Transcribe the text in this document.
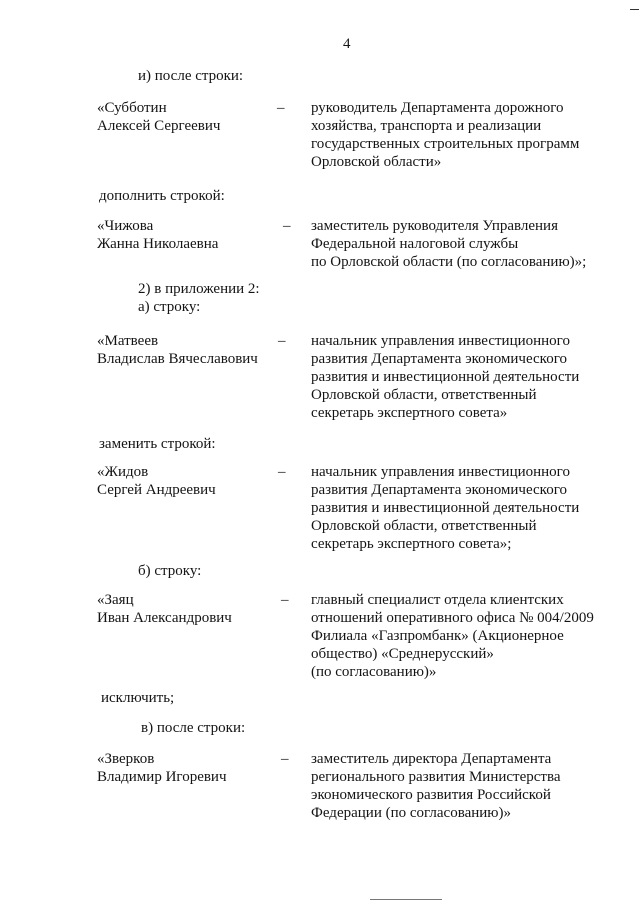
4
и) после строки:
«Субботин
Алексей Сергеевич
– руководитель Департамента дорожного
хозяйства, транспорта и реализации
государственных строительных программ
Орловской области»
дополнить строкой:
«Чижова
Жанна Николаевна
– заместитель руководителя Управления
Федеральной налоговой службы
по Орловской области (по согласованию)»;
2) в приложении 2:
а) строку:
«Матвеев
Владислав Вячеславович
– начальник управления инвестиционного
развития Департамента экономического
развития и инвестиционной деятельности
Орловской области, ответственный
секретарь экспертного совета»
заменить строкой:
«Жидов
Сергей Андреевич
– начальник управления инвестиционного
развития Департамента экономического
развития и инвестиционной деятельности
Орловской области, ответственный
секретарь экспертного совета»;
б) строку:
«Заяц
Иван Александрович
– главный специалист отдела клиентских
отношений оперативного офиса № 004/2009
Филиала «Газпромбанк» (Акционерное
общество) «Среднерусский»
(по согласованию)»
исключить;
в) после строки:
«Зверков
Владимир Игоревич
– заместитель директора Департамента
регионального развития Министерства
экономического развития Российской
Федерации (по согласованию)»
